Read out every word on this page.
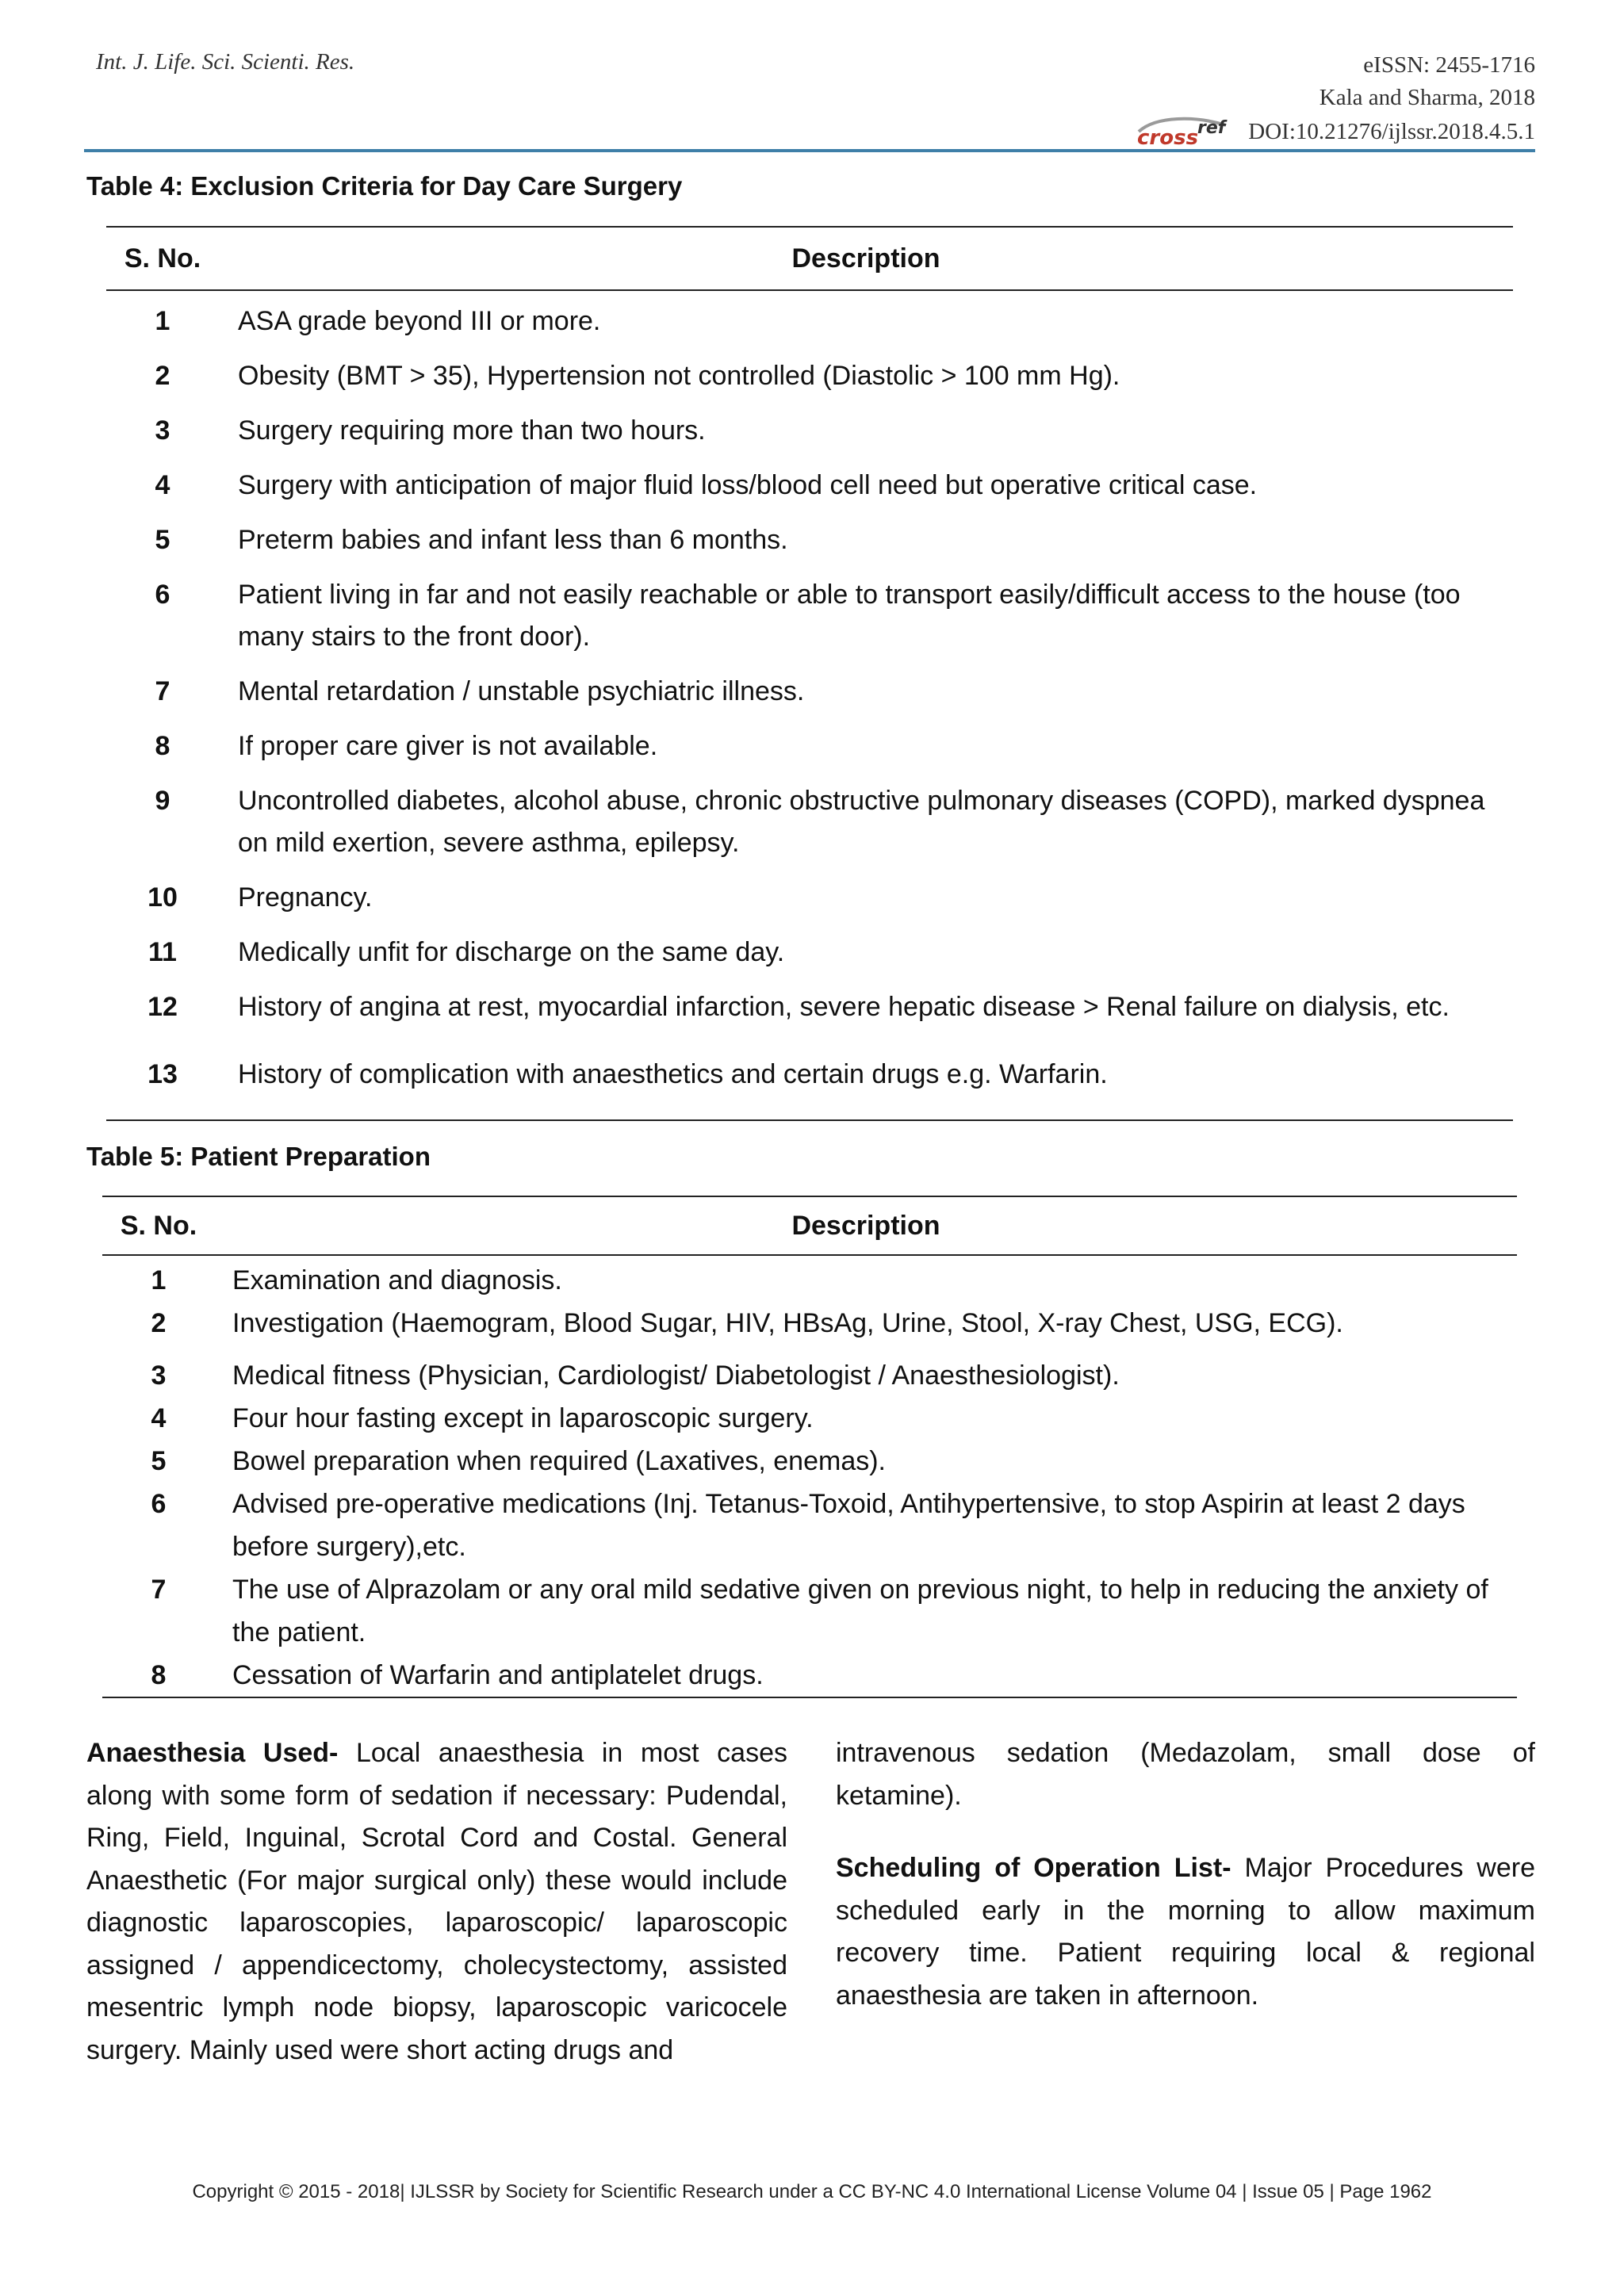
Int. J. Life. Sci. Scienti. Res.	eISSN: 2455-1716
Kala and Sharma, 2018
cross
ref DOI:10.21276/ijlssr.2018.4.5.1
Table 4: Exclusion Criteria for Day Care Surgery
S. No.	Description
1	ASA grade beyond III or more.
2	Obesity (BMT > 35), Hypertension not controlled (Diastolic > 100 mm Hg).
3	Surgery requiring more than two hours.
4	Surgery with anticipation of major fluid loss/blood cell need but operative critical case.
5	Preterm babies and infant less than 6 months.
6	Patient living in far and not easily reachable or able to transport easily/difficult access to the house (too many stairs to the front door).
7	Mental retardation / unstable psychiatric illness.
8	If proper care giver is not available.
9	Uncontrolled diabetes, alcohol abuse, chronic obstructive pulmonary diseases (COPD), marked dyspnea on mild exertion, severe asthma, epilepsy.
10	Pregnancy.
11	Medically unfit for discharge on the same day.
12	History of angina at rest, myocardial infarction, severe hepatic disease > Renal failure on dialysis, etc.
13	History of complication with anaesthetics and certain drugs e.g. Warfarin.
Table 5: Patient Preparation
S. No.	Description
1	Examination and diagnosis.
2	Investigation (Haemogram, Blood Sugar, HIV, HBsAg, Urine, Stool, X-ray Chest, USG, ECG).
3	Medical fitness (Physician, Cardiologist/ Diabetologist / Anaesthesiologist).
4	Four hour fasting except in laparoscopic surgery.
5	Bowel preparation when required (Laxatives, enemas).
6	Advised pre-operative medications (Inj. Tetanus-Toxoid, Antihypertensive, to stop Aspirin at least 2 days before surgery),etc.
7	The use of Alprazolam or any oral mild sedative given on previous night, to help in reducing the anxiety of the patient.
8	Cessation of Warfarin and antiplatelet drugs.

Anaesthesia Used- Local anaesthesia in most cases along with some form of sedation if necessary: Pudendal, Ring, Field, Inguinal, Scrotal Cord and Costal. General Anaesthetic (For major surgical only) these would include diagnostic laparoscopies, laparoscopic/ laparoscopic assigned / appendicectomy, cholecystectomy, assisted mesentric lymph node biopsy, laparoscopic varicocele surgery. Mainly used were short acting drugs and

intravenous sedation (Medazolam, small dose of ketamine).

Scheduling of Operation List- Major Procedures were scheduled early in the morning to allow maximum recovery time. Patient requiring local & regional anaesthesia are taken in afternoon.

Copyright © 2015 - 2018| IJLSSR by Society for Scientific Research under a CC BY-NC 4.0 International License Volume 04 | Issue 05 | Page 1962
